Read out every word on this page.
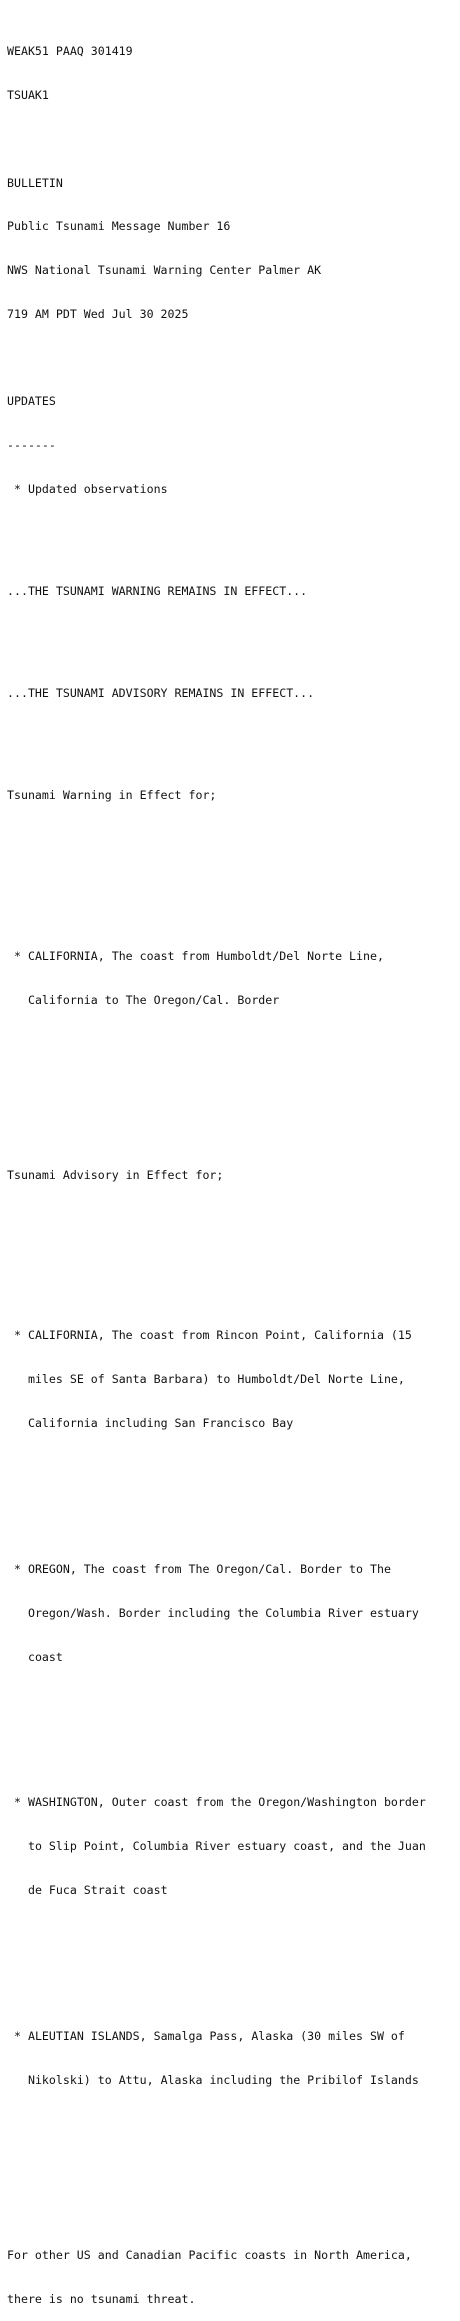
WEAK51 PAAQ 301419

TSUAK1

BULLETIN

Public Tsunami Message Number 16

NWS National Tsunami Warning Center Palmer AK

719 AM PDT Wed Jul 30 2025

UPDATES

-------

* Updated observations

...THE TSUNAMI WARNING REMAINS IN EFFECT...

...THE TSUNAMI ADVISORY REMAINS IN EFFECT...

Tsunami Warning in Effect for;

* CALIFORNIA, The coast from Humboldt/Del Norte Line,

California to The Oregon/Cal. Border

Tsunami Advisory in Effect for;

* CALIFORNIA, The coast from Rincon Point, California (15

miles SE of Santa Barbara) to Humboldt/Del Norte Line,

California including San Francisco Bay

* OREGON, The coast from The Oregon/Cal. Border to The

Oregon/Wash. Border including the Columbia River estuary

coast

* WASHINGTON, Outer coast from the Oregon/Washington border

to Slip Point, Columbia River estuary coast, and the Juan

de Fuca Strait coast

* ALEUTIAN ISLANDS, Samalga Pass, Alaska (30 miles SW of

Nikolski) to Attu, Alaska including the Pribilof Islands

For other US and Canadian Pacific coasts in North America,

there is no tsunami threat.
